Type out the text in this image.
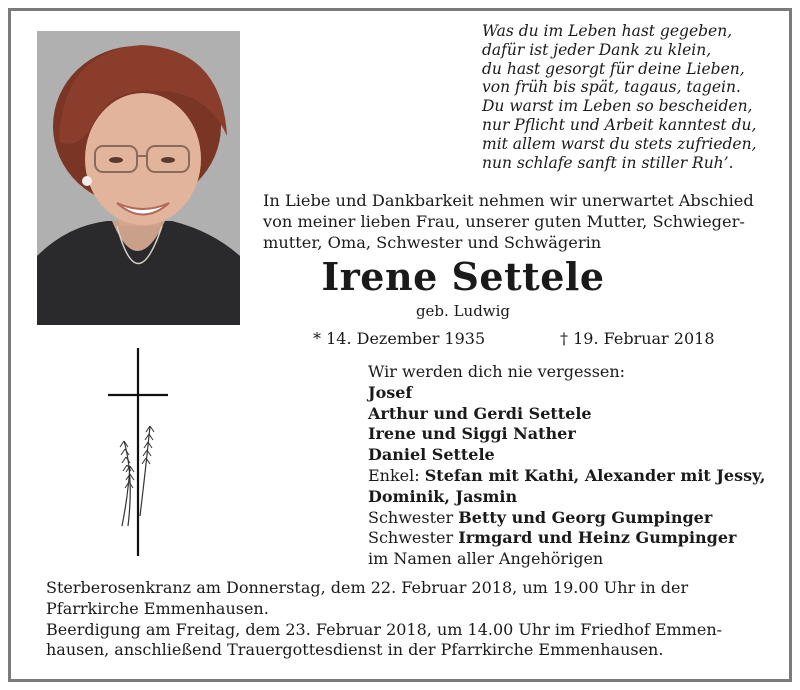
Was du im Leben hast gegeben,
dafür ist jeder Dank zu klein,
du hast gesorgt für deine Lieben,
von früh bis spät, tagaus, tagein.
Du warst im Leben so bescheiden,
nur Pflicht und Arbeit kanntest du,
mit allem warst du stets zufrieden,
nun schlafe sanft in stiller Ruh’.
In Liebe und Dankbarkeit nehmen wir unerwartet Abschied
von meiner lieben Frau, unserer guten Mutter, Schwieger-
mutter, Oma, Schwester und Schwägerin
Irene Settele
geb. Ludwig
* 14. Dezember 1935	† 19. Februar 2018
Wir werden dich nie vergessen:
Josef
Arthur und Gerdi Settele
Irene und Siggi Nather
Daniel Settele
Enkel: Stefan mit Kathi, Alexander mit Jessy,
Dominik, Jasmin
Schwester Betty und Georg Gumpinger
Schwester Irmgard und Heinz Gumpinger
im Namen aller Angehörigen
Sterberosenkranz am Donnerstag, dem 22. Februar 2018, um 19.00 Uhr in der
Pfarrkirche Emmenhausen.
Beerdigung am Freitag, dem 23. Februar 2018, um 14.00 Uhr im Friedhof Emmen-
hausen, anschließend Trauergottesdienst in der Pfarrkirche Emmenhausen.
